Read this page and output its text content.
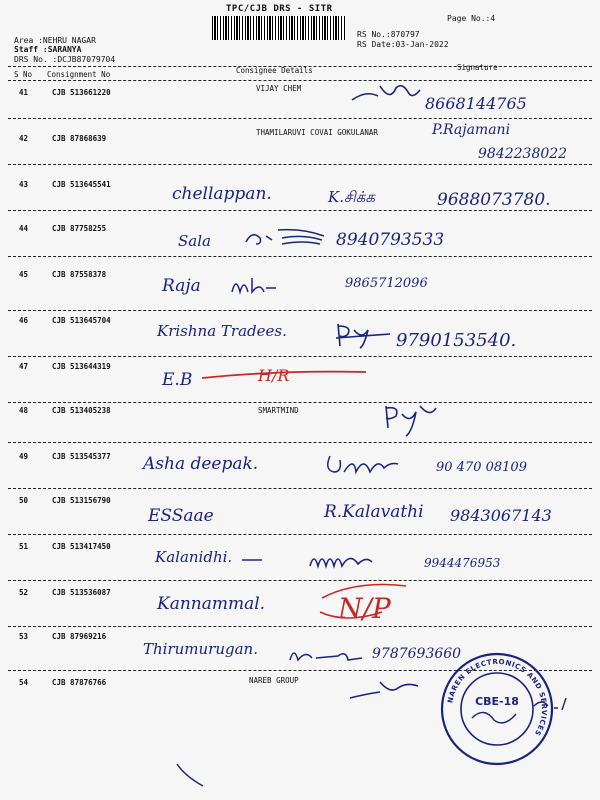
TPC/CJB DRS - SITR
Page No.:4
RS No.:870797
RS Date:03-Jan-2022
Area :NEHRU NAGAR
Staff :SARANYA
DRS No. :DCJB87079704
S No Consignment No	Consignee Details	Signature
41	CJB 513661220	VIJAY CHEM
8668144765
42	CJB 87868639
THAMILARUVI COVAI GOKULANAR	P.Rajamani
9842238022
43	CJB 513645541	chellappan.	K.சிக்க	9688073780.
44	CJB 87758255
Sala	8940793533
45	CJB 87558378
Raja	9865712096
46	CJB 513645704
Krishna Tradees.	9790153540.
47	CJB 513644319
E.B	H/R
48	CJB 513405238	SMARTMIND
49	CJB 513545377 Asha deepak.	90 470 08109
50	CJB 513156790
ESSaae	R.Kalavathi 9843067143
51	CJB 513417450
Kalanidhi.	9944476953
52	CJB 513536087
Kannammal.	N/P
53	CJB 87969216
Thirumurugan.	9787693660
54	CJB 87876766	NAREB GROUP
NAREN ELECTRONICS AND SERVICES
CBE-18
